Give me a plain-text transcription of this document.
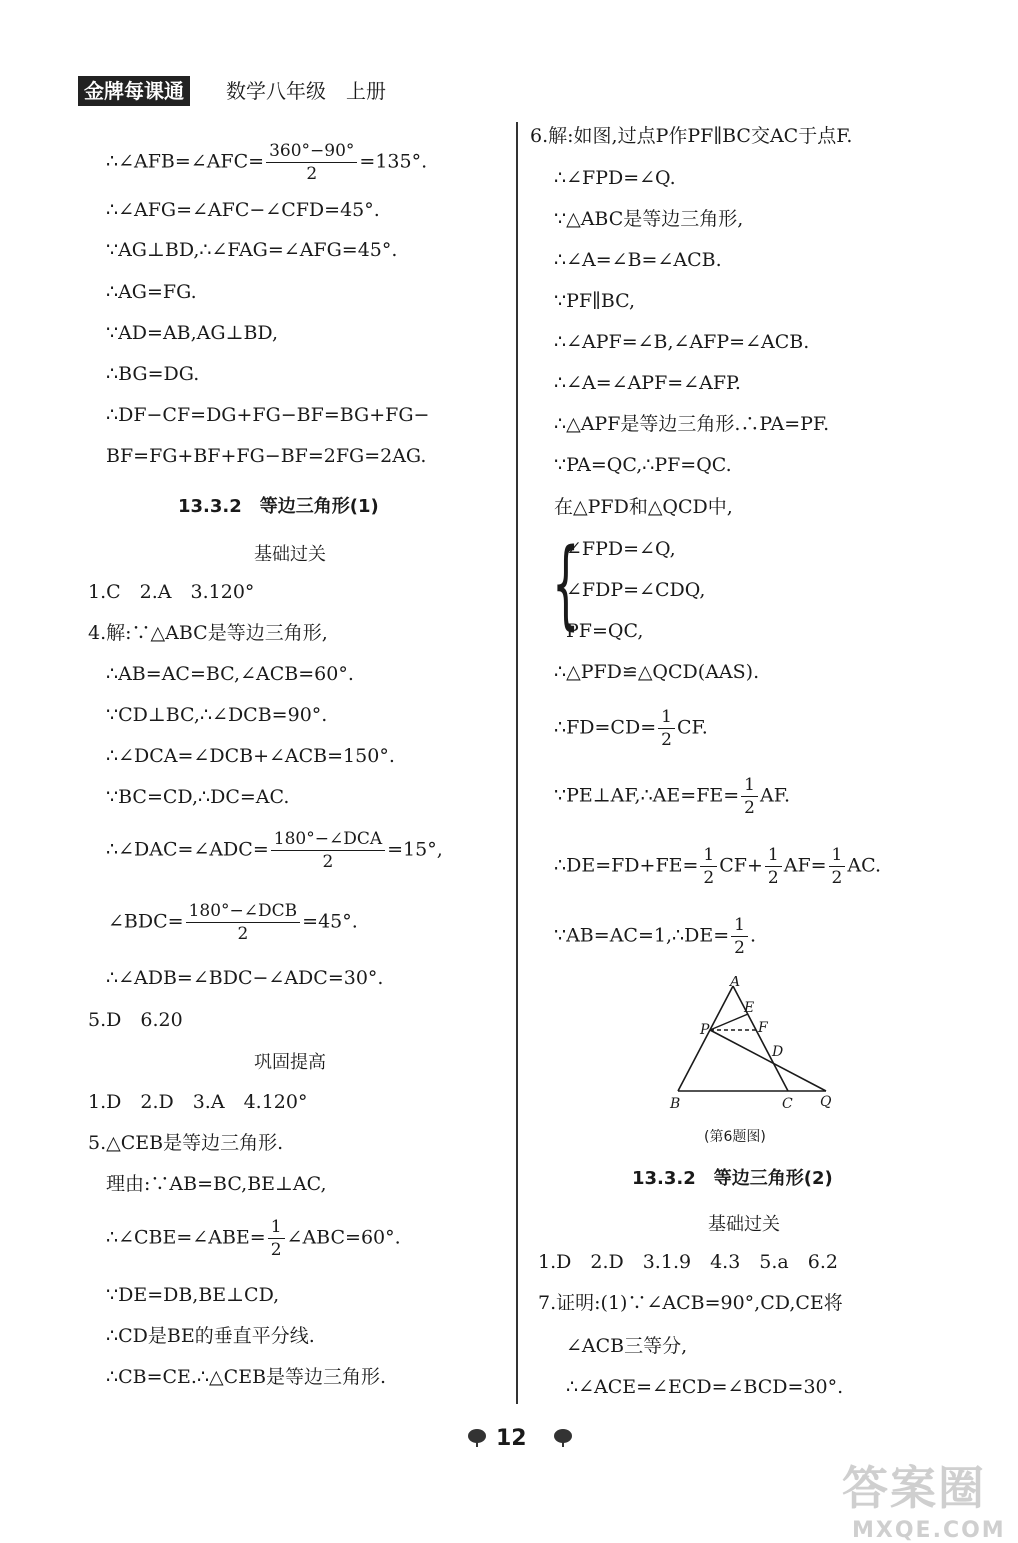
金牌每课通	数学八年级　上册
∴∠AFB=∠AFC= $\frac{360^\circ-90^\circ}{2} =135^\circ$.
∴∠AFG=∠AFC−∠CFD=45°.
∵AG⊥BD,∴∠FAG=∠AFG=45°.
∴AG=FG.
∵AD=AB,AG⊥BD,
∴BG=DG.
∴DF−CF=DG+FG−BF=BG+FG−
BF=FG+BF+FG−BF=2FG=2AG.
13.3.2　等边三角形(1)
基础过关
1.C　2.A　3.120°
4.解:∵△ABC是等边三角形,
∴AB=AC=BC,∠ACB=60°.
∵CD⊥BC,∴∠DCB=90°.
∴∠DCA=∠DCB+∠ACB=150°.
∵BC=CD,∴DC=AC.
∴∠DAC=∠ADC= $\frac{\text{180°−∠DCA}}{2} =15^\circ$,
∠BDC= $\frac{\text{180°−∠DCB}}{2} =45^\circ$.
∴∠ADB=∠BDC−∠ADC=30°.
5.D　6.20
巩固提高
1.D　2.D　3.A　4.120°
5.△CEB是等边三角形.
理由:∵AB=BC,BE⊥AC,
∴∠CBE=∠ABE= $\frac{1}{2}$ ∠ABC=60°.
∵DE=DB,BE⊥CD,
∴CD是BE的垂直平分线.
∴CB=CE.∴△CEB是等边三角形.
6.解:如图,过点P作PF∥BC交AC于点F.
∴∠FPD=∠Q.
∵△ABC是等边三角形,
∴∠A=∠B=∠ACB.
∵PF∥BC,
∴∠APF=∠B,∠AFP=∠ACB.
∴∠A=∠APF=∠AFP.
∴△APF是等边三角形.∴PA=PF.
∵PA=QC,∴PF=QC.
在△PFD和△QCD中,
{
∠FPD=∠Q,
∠FDP=∠CDQ,
PF=QC,
∴△PFD≌△QCD(AAS).
∴FD=CD= $\frac{1}{2}$ CF.
∵PE⊥AF,∴AE=FE= $\frac{1}{2}$ AF.
∴DE=FD+FE= $\frac{1}{2} CF+ \frac{1}{2} AF= \frac{1}{2}$ AC.
∵AB=AC=1,∴DE= $\frac{1}{2}$ .
A
E
F
P
D
B	C Q
(第6题图)
13.3.2　等边三角形(2)
基础过关
1.D　2.D　3.1.9　4.3　5.a　6.2
7.证明:(1)∵∠ACB=90°,CD,CE将
∠ACB三等分,
∴∠ACE=∠ECD=∠BCD=30°.
12
答案圈
MXQE.COM
